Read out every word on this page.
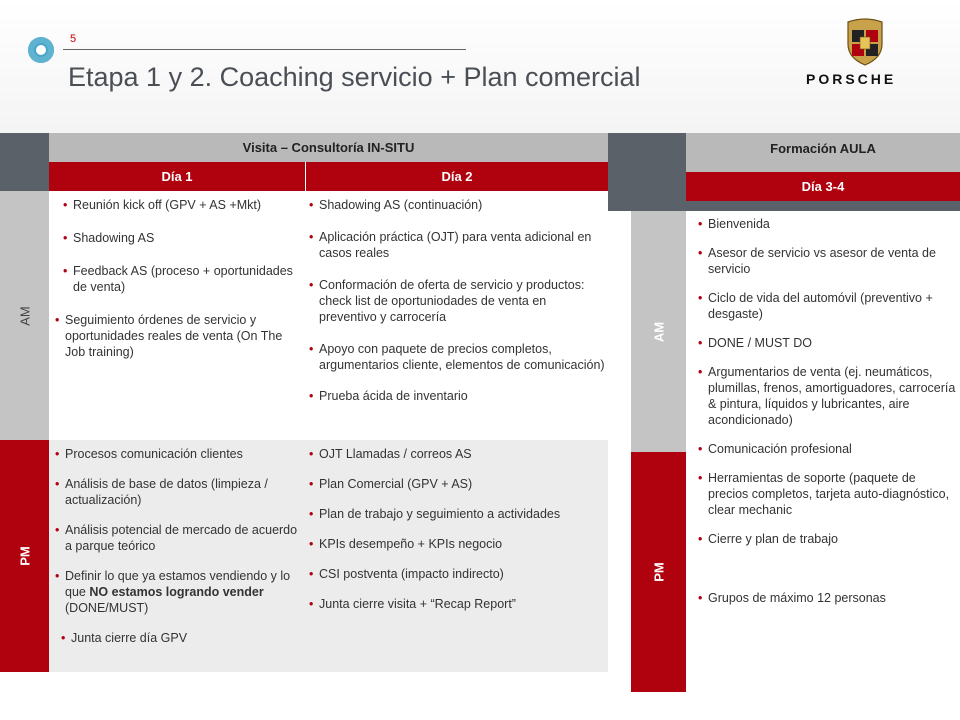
5
Etapa 1 y 2. Coaching servicio + Plan comercial	PORSCHE
Visita – Consultoría IN-SITU
Día 1	Día 2
AM
PM
• Reunión kick off (GPV + AS +Mkt)
• Shadowing AS
• Feedback AS (proceso + oportunidades de venta)
• Seguimiento órdenes de servicio y oportunidades reales de venta (On The Job training)
• Shadowing AS (continuación)
• Aplicación práctica (OJT) para venta adicional en casos reales
• Conformación de oferta de servicio y productos: check list de oportuniodades de venta en preventivo y carrocería
• Apoyo con paquete de precios completos, argumentarios cliente, elementos de comunicación)
• Prueba ácida de inventario
• Procesos comunicación clientes
• Análisis de base de datos (limpieza / actualización)
• Análisis potencial de mercado de acuerdo a parque teórico
• Definir lo que ya estamos vendiendo y lo que NO estamos logrando vender (DONE/MUST)
• Junta cierre día GPV
• OJT Llamadas / correos AS
• Plan Comercial (GPV + AS)
• Plan de trabajo y seguimiento a actividades
• KPIs desempeño + KPIs negocio
• CSI postventa (impacto indirecto)
• Junta cierre visita + “Recap Report”
Formación AULA
Día 3-4
AM
PM
• Bienvenida
• Asesor de servicio vs asesor de venta de servicio
• Ciclo de vida del automóvil (preventivo + desgaste)
• DONE / MUST DO
• Argumentarios de venta (ej. neumáticos, plumillas, frenos, amortiguadores, carrocería & pintura, líquidos y lubricantes, aire acondicionado)
• Comunicación profesional
• Herramientas de soporte (paquete de precios completos, tarjeta auto-diagnóstico, clear mechanic
• Cierre y plan de trabajo
• Grupos de máximo 12 personas
